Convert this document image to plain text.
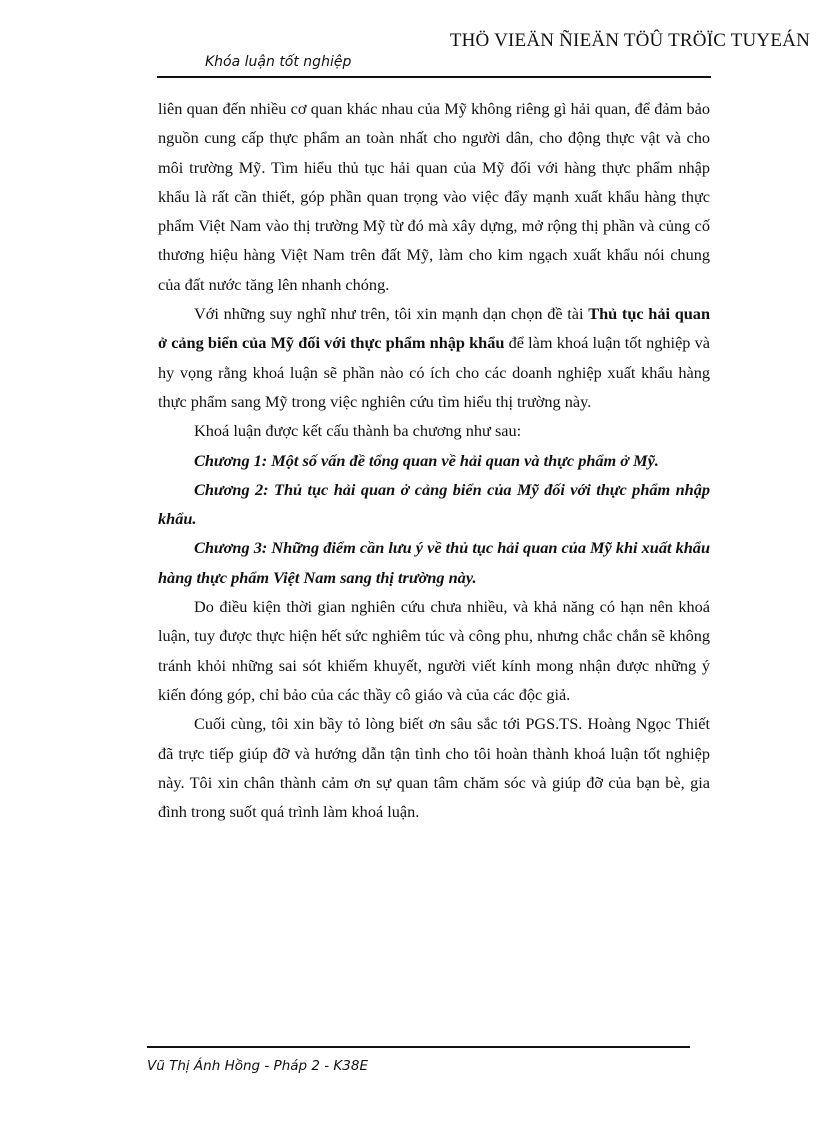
THÖ VIEÄN ÑIEÄN TÖÛ TRÖÏC TUYEÁN
Khóa luận tốt nghiệp

liên quan đến nhiều cơ quan khác nhau của Mỹ không riêng gì hải quan, để đảm bảo nguồn cung cấp thực phẩm an toàn nhất cho người dân, cho động thực vật và cho môi trường Mỹ. Tìm hiểu thủ tục hải quan của Mỹ đối với hàng thực phẩm nhập khẩu là rất cần thiết, góp phần quan trọng vào việc đẩy mạnh xuất khẩu hàng thực phẩm Việt Nam vào thị trường Mỹ từ đó mà xây dựng, mở rộng thị phần và củng cố thương hiệu hàng Việt Nam trên đất Mỹ, làm cho kim ngạch xuất khẩu nói chung của đất nước tăng lên nhanh chóng.

Với những suy nghĩ như trên, tôi xin mạnh dạn chọn đề tài Thủ tục hải quan ở cảng biển của Mỹ đối với thực phẩm nhập khẩu để làm khoá luận tốt nghiệp và hy vọng rằng khoá luận sẽ phần nào có ích cho các doanh nghiệp xuất khẩu hàng thực phẩm sang Mỹ trong việc nghiên cứu tìm hiểu thị trường này.

Khoá luận được kết cấu thành ba chương như sau:

Chương 1: Một số vấn đề tổng quan về hải quan và thực phẩm ở Mỹ.

Chương 2: Thủ tục hải quan ở cảng biển của Mỹ đối với thực phẩm nhập khẩu.

Chương 3: Những điểm cần lưu ý về thủ tục hải quan của Mỹ khi xuất khẩu hàng thực phẩm Việt Nam sang thị trường này.

Do điều kiện thời gian nghiên cứu chưa nhiều, và khả năng có hạn nên khoá luận, tuy được thực hiện hết sức nghiêm túc và công phu, nhưng chắc chắn sẽ không tránh khỏi những sai sót khiếm khuyết, người viết kính mong nhận được những ý kiến đóng góp, chỉ bảo của các thầy cô giáo và của các độc giả.

Cuối cùng, tôi xin bầy tỏ lòng biết ơn sâu sắc tới PGS.TS. Hoàng Ngọc Thiết đã trực tiếp giúp đỡ và hướng dẫn tận tình cho tôi hoàn thành khoá luận tốt nghiệp này. Tôi xin chân thành cảm ơn sự quan tâm chăm sóc và giúp đỡ của bạn bè, gia đình trong suốt quá trình làm khoá luận.

Vũ Thị Ánh Hồng - Pháp 2 - K38E
